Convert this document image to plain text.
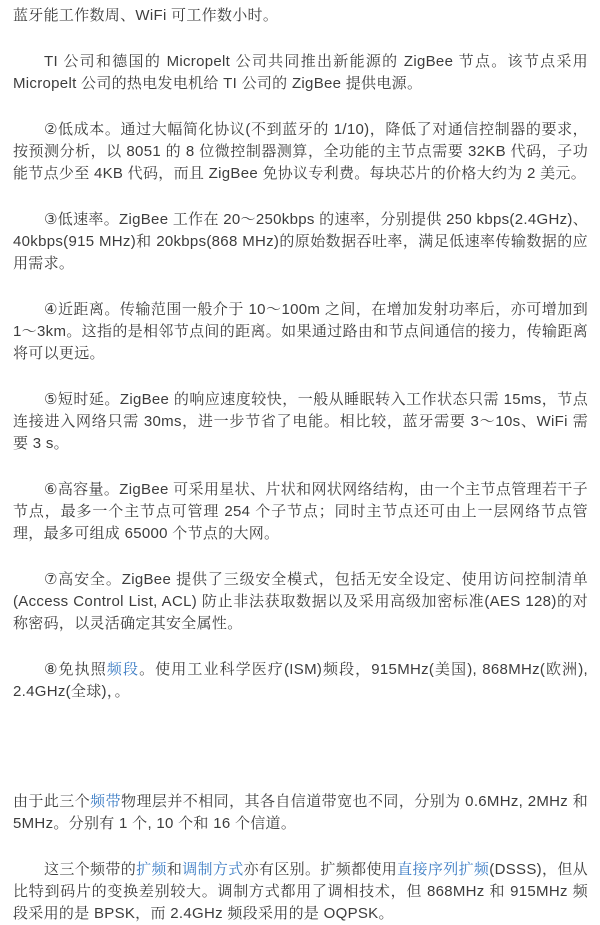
蓝牙能工作数周、WiFi 可工作数小时。

TI 公司和德国的 Micropelt 公司共同推出新能源的 ZigBee 节点。该节点采用 Micropelt 公司的热电发电机给 TI 公司的 ZigBee 提供电源。

②低成本。通过大幅简化协议(不到蓝牙的 1/10)，降低了对通信控制器的要求，按预测分析，以 8051 的 8 位微控制器测算，全功能的主节点需要 32KB 代码，子功能节点少至 4KB 代码，而且 ZigBee 免协议专利费。每块芯片的价格大约为 2 美元。

③低速率。ZigBee 工作在 20～250kbps 的速率，分别提供 250 kbps(2.4GHz)、40kbps(915 MHz)和 20kbps(868 MHz)的原始数据吞吐率，满足低速率传输数据的应用需求。

④近距离。传输范围一般介于 10～100m 之间，在增加发射功率后，亦可增加到 1～3km。这指的是相邻节点间的距离。如果通过路由和节点间通信的接力，传输距离将可以更远。

⑤短时延。ZigBee 的响应速度较快，一般从睡眠转入工作状态只需 15ms，节点连接进入网络只需 30ms，进一步节省了电能。相比较，蓝牙需要 3～10s、WiFi 需要 3 s。

⑥高容量。ZigBee 可采用星状、片状和网状网络结构，由一个主节点管理若干子节点，最多一个主节点可管理 254 个子节点；同时主节点还可由上一层网络节点管理，最多可组成 65000 个节点的大网。

⑦高安全。ZigBee 提供了三级安全模式，包括无安全设定、使用访问控制清单(Access Control List, ACL) 防止非法获取数据以及采用高级加密标准(AES 128)的对称密码，以灵活确定其安全属性。

⑧免执照频段。使用工业科学医疗(ISM)频段，915MHz(美国), 868MHz(欧洲), 2.4GHz(全球)，。

由于此三个频带物理层并不相同，其各自信道带宽也不同，分别为 0.6MHz, 2MHz 和 5MHz。分别有 1 个, 10 个和 16 个信道。

这三个频带的扩频和调制方式亦有区别。扩频都使用直接序列扩频(DSSS)，但从比特到码片的变换差别较大。调制方式都用了调相技术，但 868MHz 和 915MHz 频段采用的是 BPSK，而 2.4GHz 频段采用的是 OQPSK。
